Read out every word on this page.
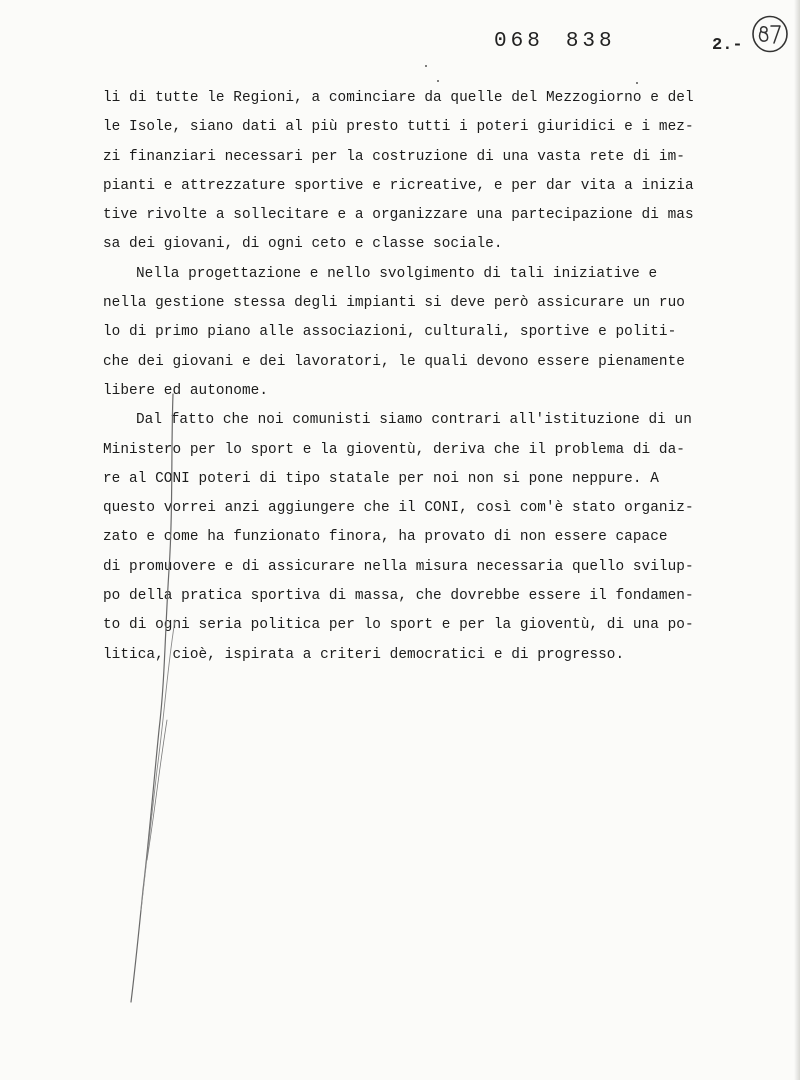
068 838	2.-
li di tutte le Regioni, a cominciare da quelle del Mezzogiorno e del
le Isole, siano dati al più presto tutti i poteri giuridici e i mez-
zi finanziari necessari per la costruzione di una vasta rete di im-
pianti e attrezzature sportive e ricreative, e per dar vita a inizia
tive rivolte a sollecitare e a organizzare una partecipazione di mas
sa dei giovani, di ogni ceto e classe sociale.
Nella progettazione e nello svolgimento di tali iniziative e
nella gestione stessa degli impianti si deve però assicurare un ruo
lo di primo piano alle associazioni, culturali, sportive e politi-
che dei giovani e dei lavoratori, le quali devono essere pienamente
libere ed autonome.
Dal fatto che noi comunisti siamo contrari all'istituzione di un
Ministero per lo sport e la gioventù, deriva che il problema di da-
re al CONI poteri di tipo statale per noi non si pone neppure. A
questo vorrei anzi aggiungere che il CONI, così com'è stato organiz-
zato e come ha funzionato finora, ha provato di non essere capace
di promuovere e di assicurare nella misura necessaria quello svilup-
po della pratica sportiva di massa, che dovrebbe essere il fondamen-
to di ogni seria politica per lo sport e per la gioventù, di una po-
litica, cioè, ispirata a criteri democratici e di progresso.
